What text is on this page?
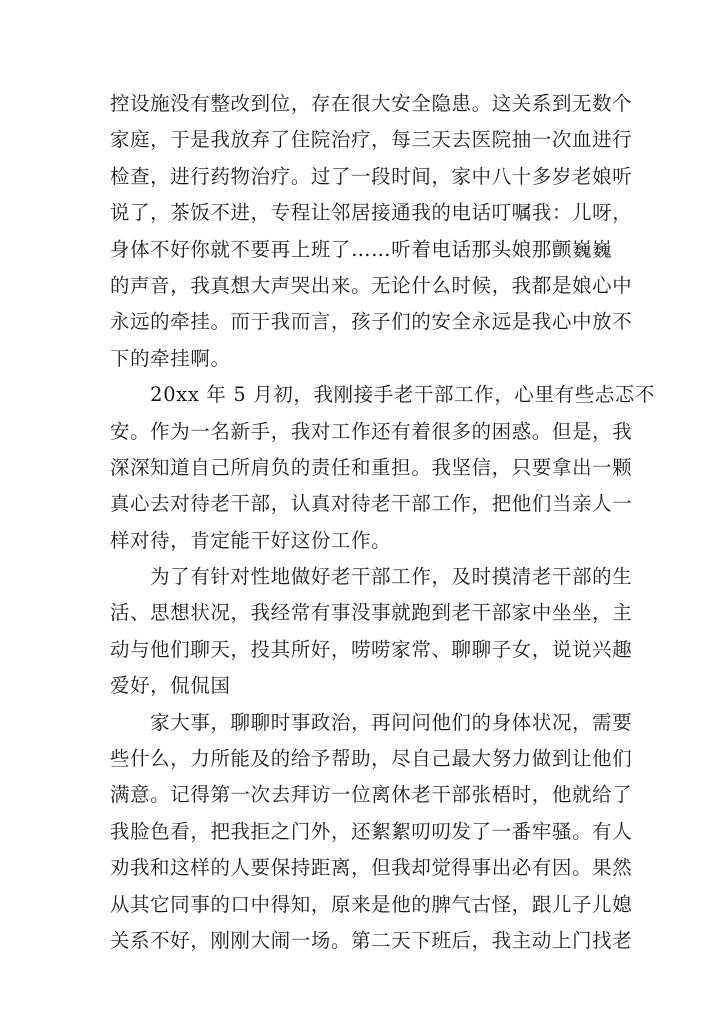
控设施没有整改到位，存在很大安全隐患。这关系到无数个
家庭，于是我放弃了住院治疗，每三天去医院抽一次血进行
检查，进行药物治疗。过了一段时间，家中八十多岁老娘听
说了，茶饭不进，专程让邻居接通我的电话叮嘱我：儿呀，
身体不好你就不要再上班了……听着电话那头娘那颤巍巍
的声音，我真想大声哭出来。无论什么时候，我都是娘心中
永远的牵挂。而于我而言，孩子们的安全永远是我心中放不
下的牵挂啊。

　　20xx 年 5 月初，我刚接手老干部工作，心里有些忐忑不
安。作为一名新手，我对工作还有着很多的困惑。但是，我
深深知道自己所肩负的责任和重担。我坚信，只要拿出一颗
真心去对待老干部，认真对待老干部工作，把他们当亲人一
样对待，肯定能干好这份工作。

　　为了有针对性地做好老干部工作，及时摸清老干部的生
活、思想状况，我经常有事没事就跑到老干部家中坐坐，主
动与他们聊天，投其所好，唠唠家常、聊聊子女，说说兴趣
爱好，侃侃国

　　家大事，聊聊时事政治，再问问他们的身体状况，需要
些什么，力所能及的给予帮助，尽自己最大努力做到让他们
满意。记得第一次去拜访一位离休老干部张梧时，他就给了
我脸色看，把我拒之门外，还絮絮叨叨发了一番牢骚。有人
劝我和这样的人要保持距离，但我却觉得事出必有因。果然
从其它同事的口中得知，原来是他的脾气古怪，跟儿子儿媳
关系不好，刚刚大闹一场。第二天下班后，我主动上门找老
